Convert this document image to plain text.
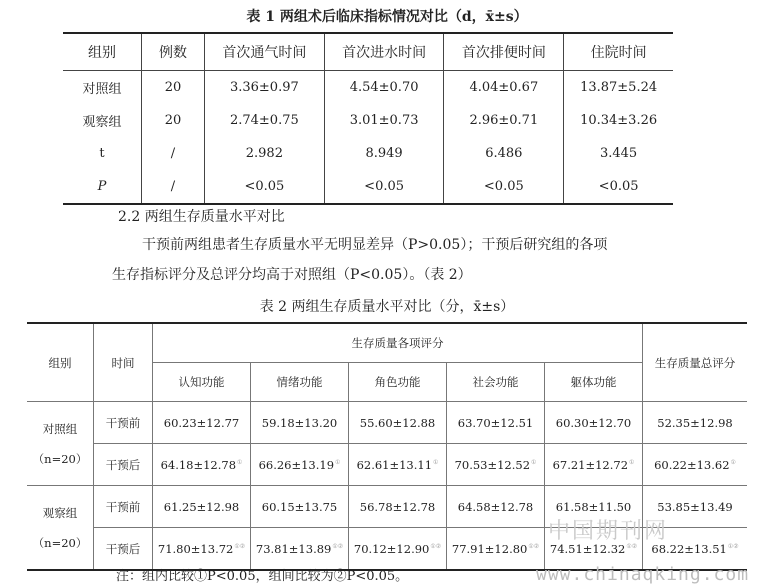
表 1 两组术后临床指标情况对比（d，x̄±s）
组别	例数	首次通气时间	首次进水时间	首次排便时间	住院时间
对照组	20	3.36±0.97	4.54±0.70	4.04±0.67	13.87±5.24
观察组	20	2.74±0.75	3.01±0.73	2.96±0.71	10.34±3.26
t	/	2.982	8.949	6.486	3.445
P	/	<0.05	<0.05	<0.05	<0.05
2.2 两组生存质量水平对比
干预前两组患者生存质量水平无明显差异（P>0.05）；干预后研究组的各项
生存指标评分及总评分均高于对照组（P<0.05）。（表 2）
表 2 两组生存质量水平对比（分，x̄±s）
组别	时间	生存质量各项评分					生存质量总评分
		认知功能	情绪功能	角色功能	社会功能	躯体功能	

对照组
（n=20）	干预前	60.23±12.77	59.18±13.20	55.60±12.88	63.70±12.51	60.30±12.70	52.35±12.98
	干预后	64.18±12.78①	66.26±13.19①	62.61±13.11①	70.53±12.52①	67.21±12.72①	60.22±13.62①

观察组
（n=20）	干预前	61.25±12.98	60.15±13.75	56.78±12.78	64.58±12.78	61.58±11.50	53.85±13.49
	干预后	71.80±13.72①②	73.81±13.89①②	70.12±12.90①②	77.91±12.80①②	74.51±12.32①②	68.22±13.51①②
注：组内比较①P<0.05，组间比较为②P<0.05。
中国期刊网
www.chinaqking.com
